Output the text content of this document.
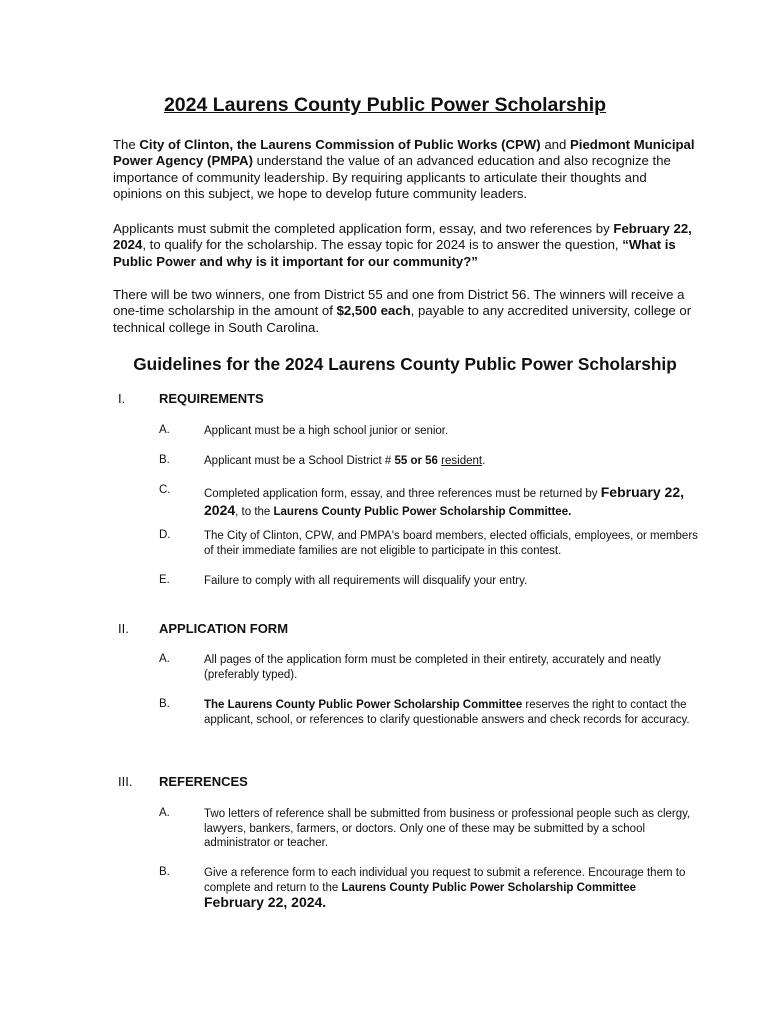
2024 Laurens County Public Power Scholarship
The City of Clinton, the Laurens Commission of Public Works (CPW) and Piedmont Municipal Power Agency (PMPA) understand the value of an advanced education and also recognize the importance of community leadership. By requiring applicants to articulate their thoughts and opinions on this subject, we hope to develop future community leaders.
Applicants must submit the completed application form, essay, and two references by February 22, 2024, to qualify for the scholarship. The essay topic for 2024 is to answer the question, “What is Public Power and why is it important for our community?”
There will be two winners, one from District 55 and one from District 56. The winners will receive a one-time scholarship in the amount of $2,500 each, payable to any accredited university, college or technical college in South Carolina.
Guidelines for the 2024 Laurens County Public Power Scholarship
I.	REQUIREMENTS
A.	Applicant must be a high school junior or senior.
B.	Applicant must be a School District # 55 or 56 resident.
C.	Completed application form, essay, and three references must be returned by February 22, 2024, to the Laurens County Public Power Scholarship Committee.
D.	The City of Clinton, CPW, and PMPA's board members, elected officials, employees, or members of their immediate families are not eligible to participate in this contest.
E.	Failure to comply with all requirements will disqualify your entry.
II. APPLICATION FORM
A.	All pages of the application form must be completed in their entirety, accurately and neatly (preferably typed).
B.	The Laurens County Public Power Scholarship Committee reserves the right to contact the applicant, school, or references to clarify questionable answers and check records for accuracy.
III. REFERENCES
A.	Two letters of reference shall be submitted from business or professional people such as clergy, lawyers, bankers, farmers, or doctors. Only one of these may be submitted by a school administrator or teacher.
B.	Give a reference form to each individual you request to submit a reference. Encourage them to complete and return to the Laurens County Public Power Scholarship Committee February 22, 2024.
